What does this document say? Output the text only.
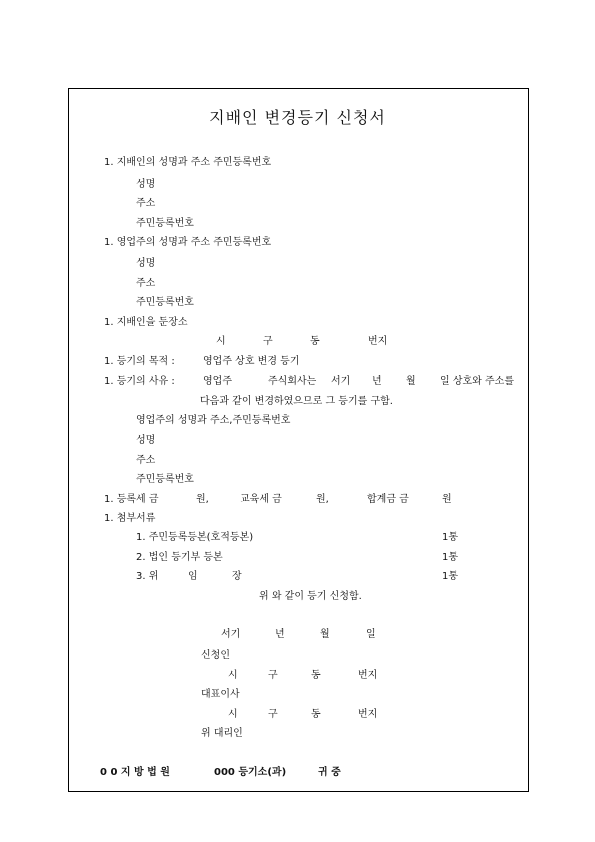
지배인 변경등기 신청서
1. 지배인의 성명과 주소 주민등록번호
성명
주소
주민등록번호
1. 영업주의 성명과 주소 주민등록번호
성명
주소
주민등록번호
1. 지배인을 둔장소
시	구	동	번지
1. 등기의 목적 :	영업주 상호 변경 등기
1. 등기의 사유 :	영업주	주식회사는 서기 년 월 일 상호와 주소를
다음과 같이 변경하였으므로 그 등기를 구함.
영업주의 성명과 주소,주민등록번호
성명
주소
주민등록번호
1. 등록세 금	원,	교육세 금	원,	합계금 금	원
1. 첨부서류
1. 주민등록등본(호적등본)	1통
2. 법인 등기부 등본	1통
3. 위	임	장	1통
위 와 같이 등기 신청함.
서기	년	월	일
신청인
시	구	동	번지
대표이사
시	구	동	번지
위 대리인
0 0 지 방 법 원	000 등기소(과)	귀 중
